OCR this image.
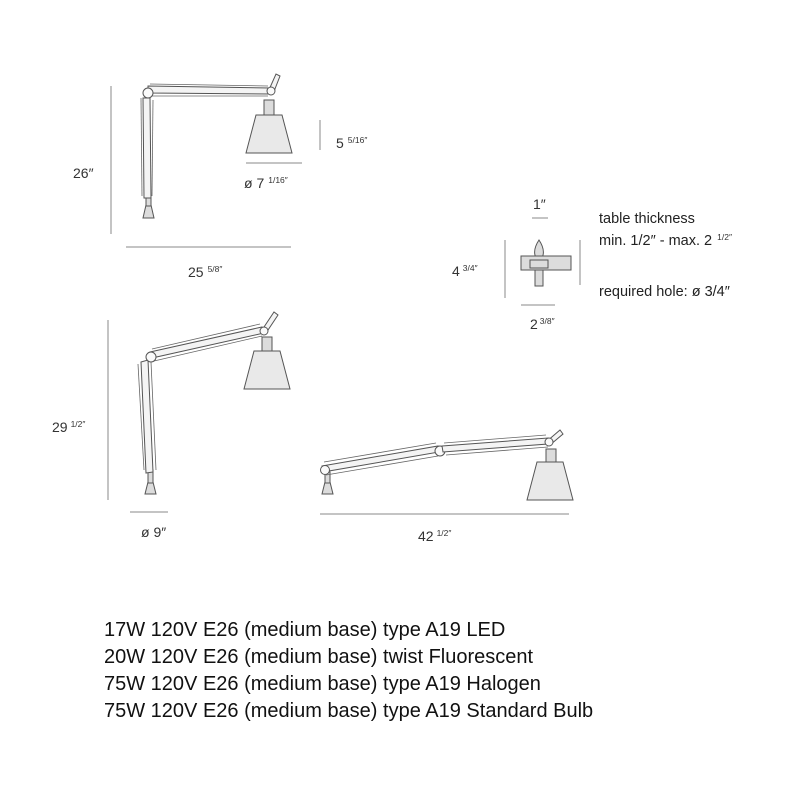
26″
5 $^{5/16''}$
ø 7 $^{1/16''}$
25 $^{5/8''}$
1″
4 $^{3/4''}$
2 $^{3/8''}$
table thickness
min. 1/2″ - max. 2 $^{1/2''}$
required hole: ø 3/4″
29 $^{1/2''}$
ø 9″	42 $^{1/2''}$
17W 120V E26 (medium base) type A19 LED
20W 120V E26 (medium base) twist Fluorescent
75W 120V E26 (medium base) type A19 Halogen
75W 120V E26 (medium base) type A19 Standard Bulb
